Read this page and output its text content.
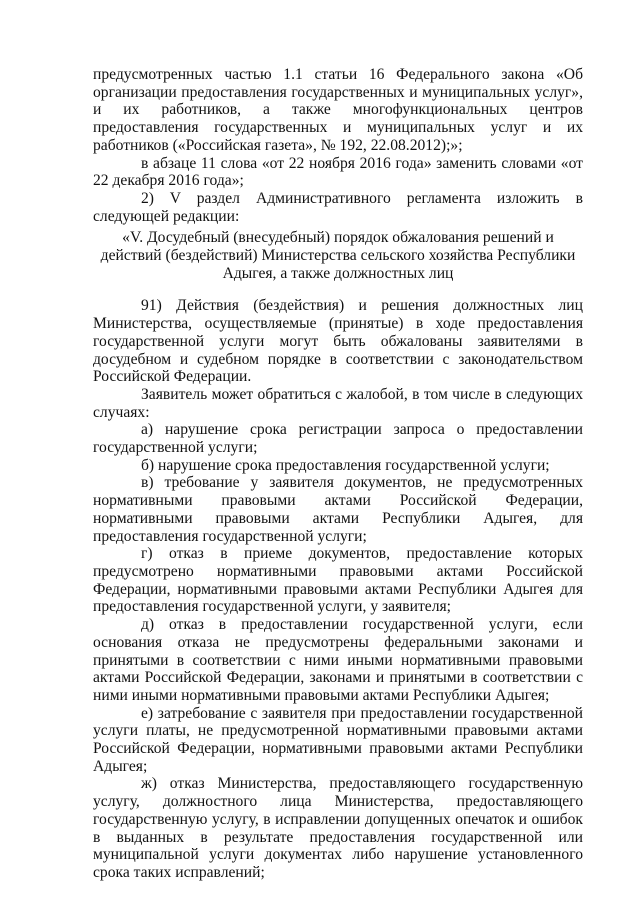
предусмотренных частью 1.1 статьи 16 Федерального закона «Об организации предоставления государственных и муниципальных услуг», и их работников, а также многофункциональных центров предоставления государственных и муниципальных услуг и их работников («Российская газета», № 192, 22.08.2012);»;

в абзаце 11 слова «от 22 ноября 2016 года» заменить словами «от 22 декабря 2016 года»;

2) V раздел Административного регламента изложить в следующей редакции:

«V. Досудебный (внесудебный) порядок обжалования решений и
действий (бездействий) Министерства сельского хозяйства Республики
Адыгея, а также должностных лиц

91) Действия (бездействия) и решения должностных лиц Министерства, осуществляемые (принятые) в ходе предоставления государственной услуги могут быть обжалованы заявителями в досудебном и судебном порядке в соответствии с законодательством Российской Федерации.

Заявитель может обратиться с жалобой, в том числе в следующих случаях:

а) нарушение срока регистрации запроса о предоставлении государственной услуги;

б) нарушение срока предоставления государственной услуги;

в) требование у заявителя документов, не предусмотренных нормативными правовыми актами Российской Федерации, нормативными правовыми актами Республики Адыгея, для предоставления государственной услуги;

г) отказ в приеме документов, предоставление которых предусмотрено нормативными правовыми актами Российской Федерации, нормативными правовыми актами Республики Адыгея для предоставления государственной услуги, у заявителя;

д) отказ в предоставлении государственной услуги, если основания отказа не предусмотрены федеральными законами и принятыми в соответствии с ними иными нормативными правовыми актами Российской Федерации, законами и принятыми в соответствии с ними иными нормативными правовыми актами Республики Адыгея;

е) затребование с заявителя при предоставлении государственной услуги платы, не предусмотренной нормативными правовыми актами Российской Федерации, нормативными правовыми актами Республики Адыгея;

ж) отказ Министерства, предоставляющего государственную услугу, должностного лица Министерства, предоставляющего государственную услугу, в исправлении допущенных опечаток и ошибок в выданных в результате предоставления государственной или муниципальной услуги документах либо нарушение установленного срока таких исправлений;
